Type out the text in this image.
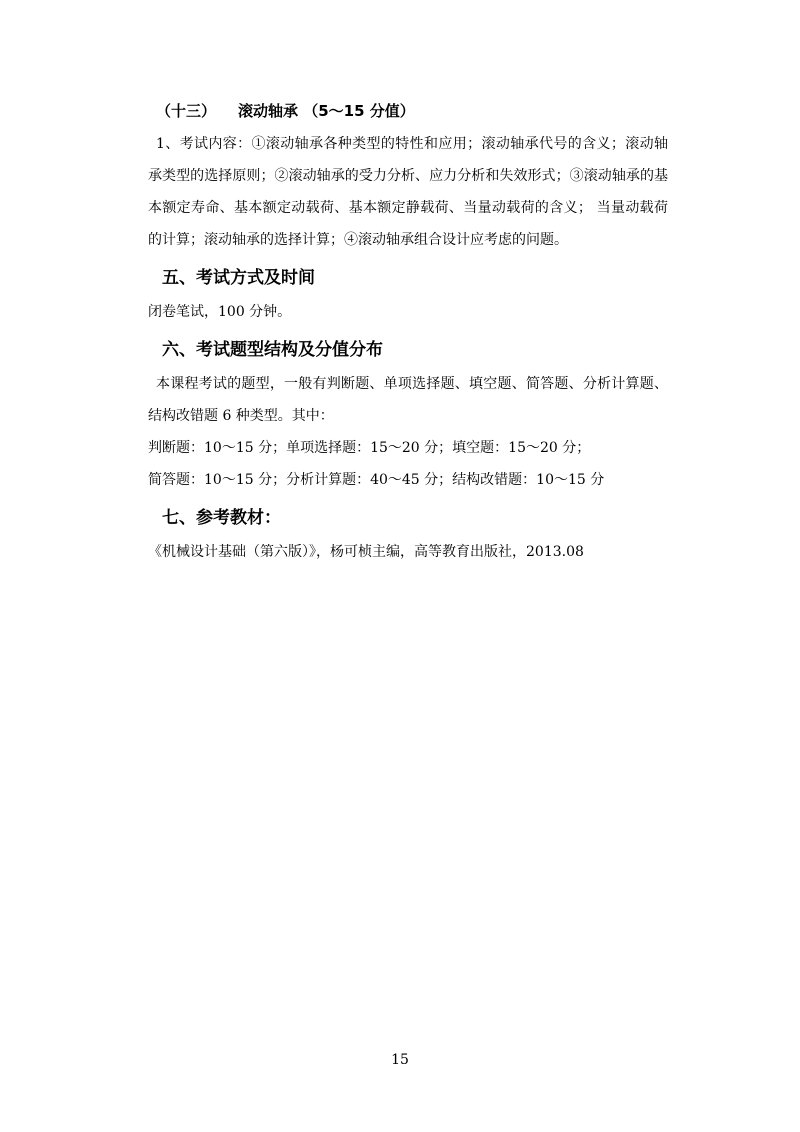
（十三） 滚动轴承 （5～15 分值）

1、考试内容：①滚动轴承各种类型的特性和应用；滚动轴承代号的含义；滚动轴承类型的选择原则；②滚动轴承的受力分析、应力分析和失效形式；③滚动轴承的基本额定寿命、基本额定动载荷、基本额定静载荷、当量动载荷的含义； 当量动载荷的计算；滚动轴承的选择计算；④滚动轴承组合设计应考虑的问题。

五、考试方式及时间

闭卷笔试，100 分钟。

六、考试题型结构及分值分布

本课程考试的题型，一般有判断题、单项选择题、填空题、简答题、分析计算题、结构改错题 6 种类型。其中：

判断题：10～15 分；单项选择题：15～20 分；填空题：15～20 分；

简答题：10～15 分；分析计算题：40～45 分；结构改错题：10～15 分

七、参考教材：

《机械设计基础（第六版）》，杨可桢主编，高等教育出版社，2013.08

15
